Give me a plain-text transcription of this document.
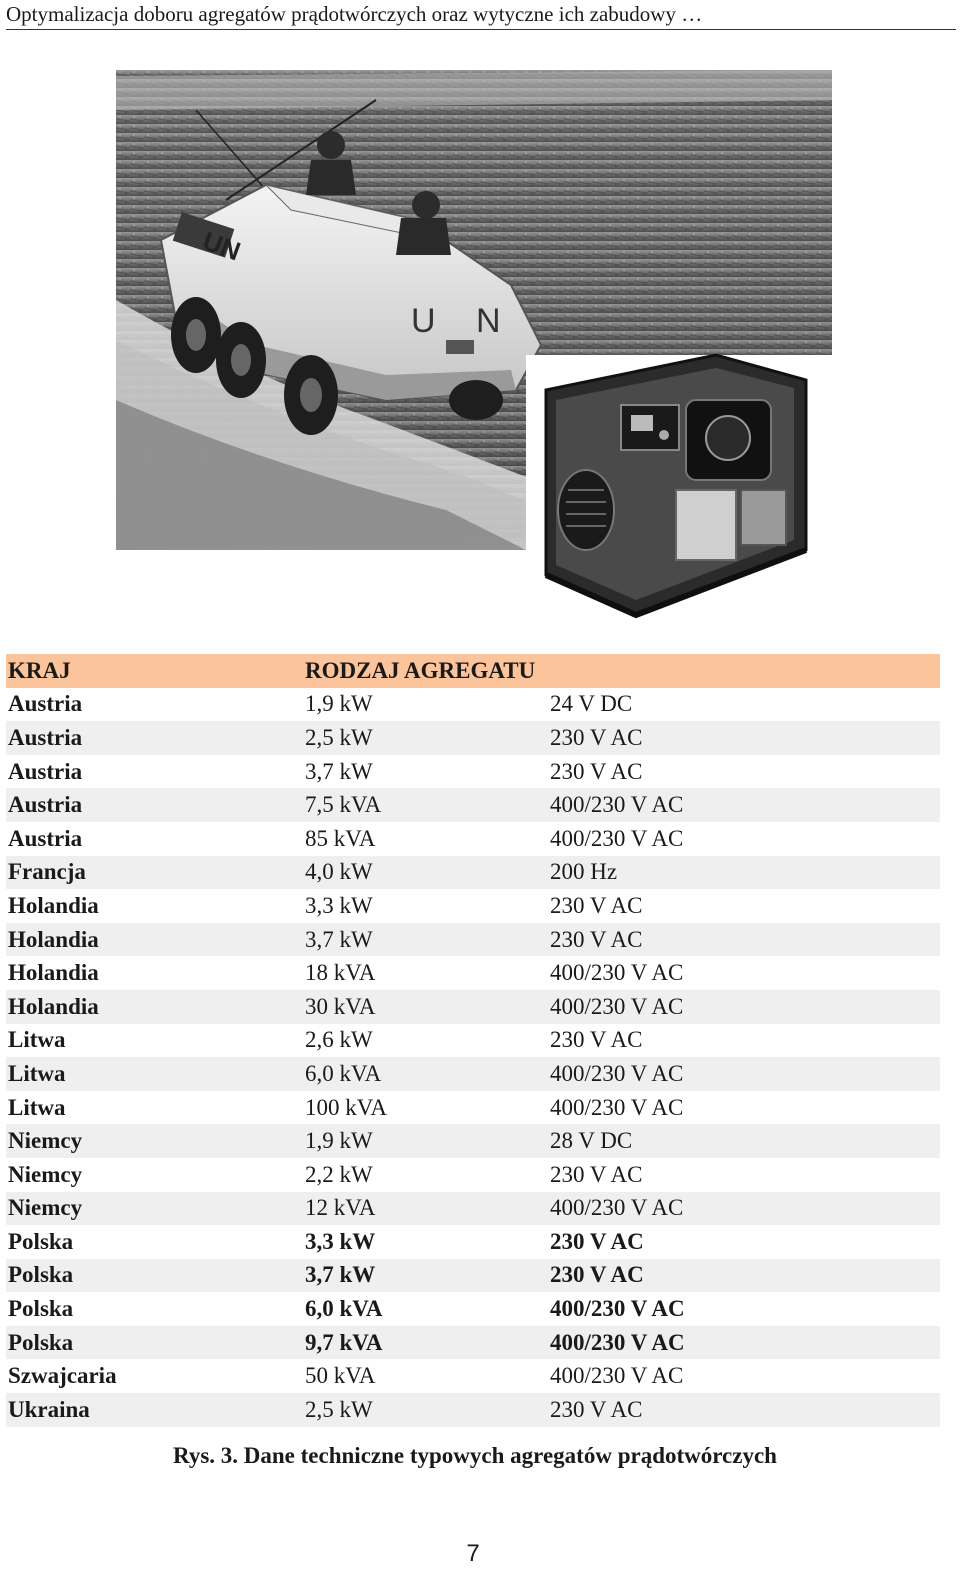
Optymalizacja doboru agregatów prądotwórczych oraz wytyczne ich zabudowy …
UN
U N
KRAJ	RODZAJ AGREGATU	
Austria	1,9 kW	24 V DC
Austria	2,5 kW	230 V AC
Austria	3,7 kW	230 V AC
Austria	7,5 kVA	400/230 V AC
Austria	85 kVA	400/230 V AC
Francja	4,0 kW	200 Hz
Holandia	3,3 kW	230 V AC
Holandia	3,7 kW	230 V AC
Holandia	18 kVA	400/230 V AC
Holandia	30 kVA	400/230 V AC
Litwa	2,6 kW	230 V AC
Litwa	6,0 kVA	400/230 V AC
Litwa	100 kVA	400/230 V AC
Niemcy	1,9 kW	28 V DC
Niemcy	2,2 kW	230 V AC
Niemcy	12 kVA	400/230 V AC
Polska	3,3 kW	230 V AC
Polska	3,7 kW	230 V AC
Polska	6,0 kVA	400/230 V AC
Polska	9,7 kVA	400/230 V AC
Szwajcaria	50 kVA	400/230 V AC
Ukraina	2,5 kW	230 V AC
Rys. 3. Dane techniczne typowych agregatów prądotwórczych
7
